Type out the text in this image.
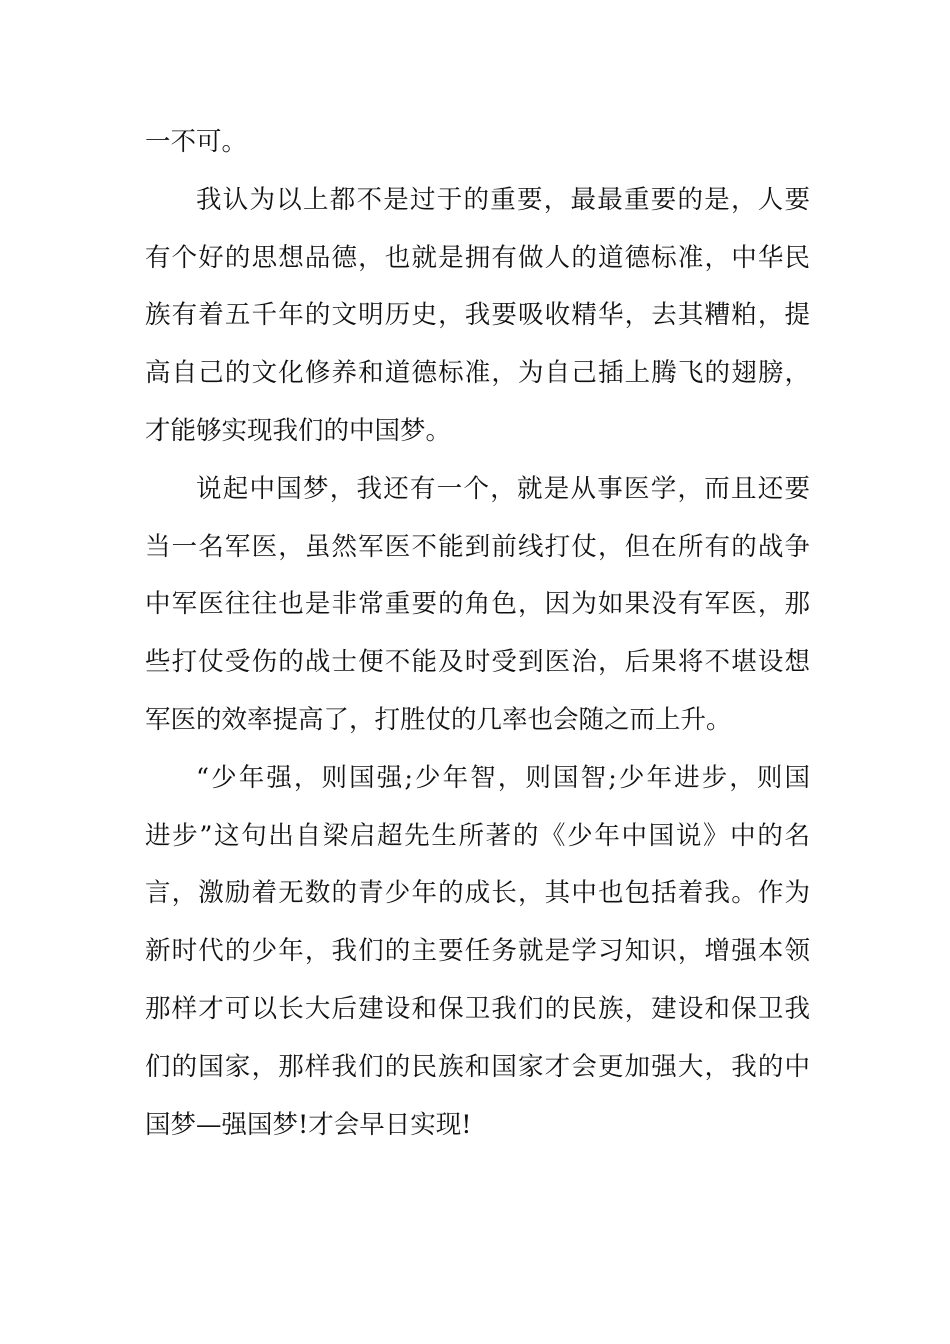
一不可。
我认为以上都不是过于的重要，最最重要的是，人要
有个好的思想品德，也就是拥有做人的道德标准，中华民
族有着五千年的文明历史，我要吸收精华，去其糟粕，提
高自己的文化修养和道德标准，为自己插上腾飞的翅膀，
才能够实现我们的中国梦。
说起中国梦，我还有一个，就是从事医学，而且还要
当一名军医，虽然军医不能到前线打仗，但在所有的战争
中军医往往也是非常重要的角色，因为如果没有军医，那
些打仗受伤的战士便不能及时受到医治，后果将不堪设想
军医的效率提高了，打胜仗的几率也会随之而上升。
“少年强，则国强;少年智，则国智;少年进步，则国
进步”这句出自梁启超先生所著的《少年中国说》中的名
言，激励着无数的青少年的成长，其中也包括着我。作为
新时代的少年，我们的主要任务就是学习知识，增强本领
那样才可以长大后建设和保卫我们的民族，建设和保卫我
们的国家，那样我们的民族和国家才会更加强大，我的中
国梦—强国梦!才会早日实现!
